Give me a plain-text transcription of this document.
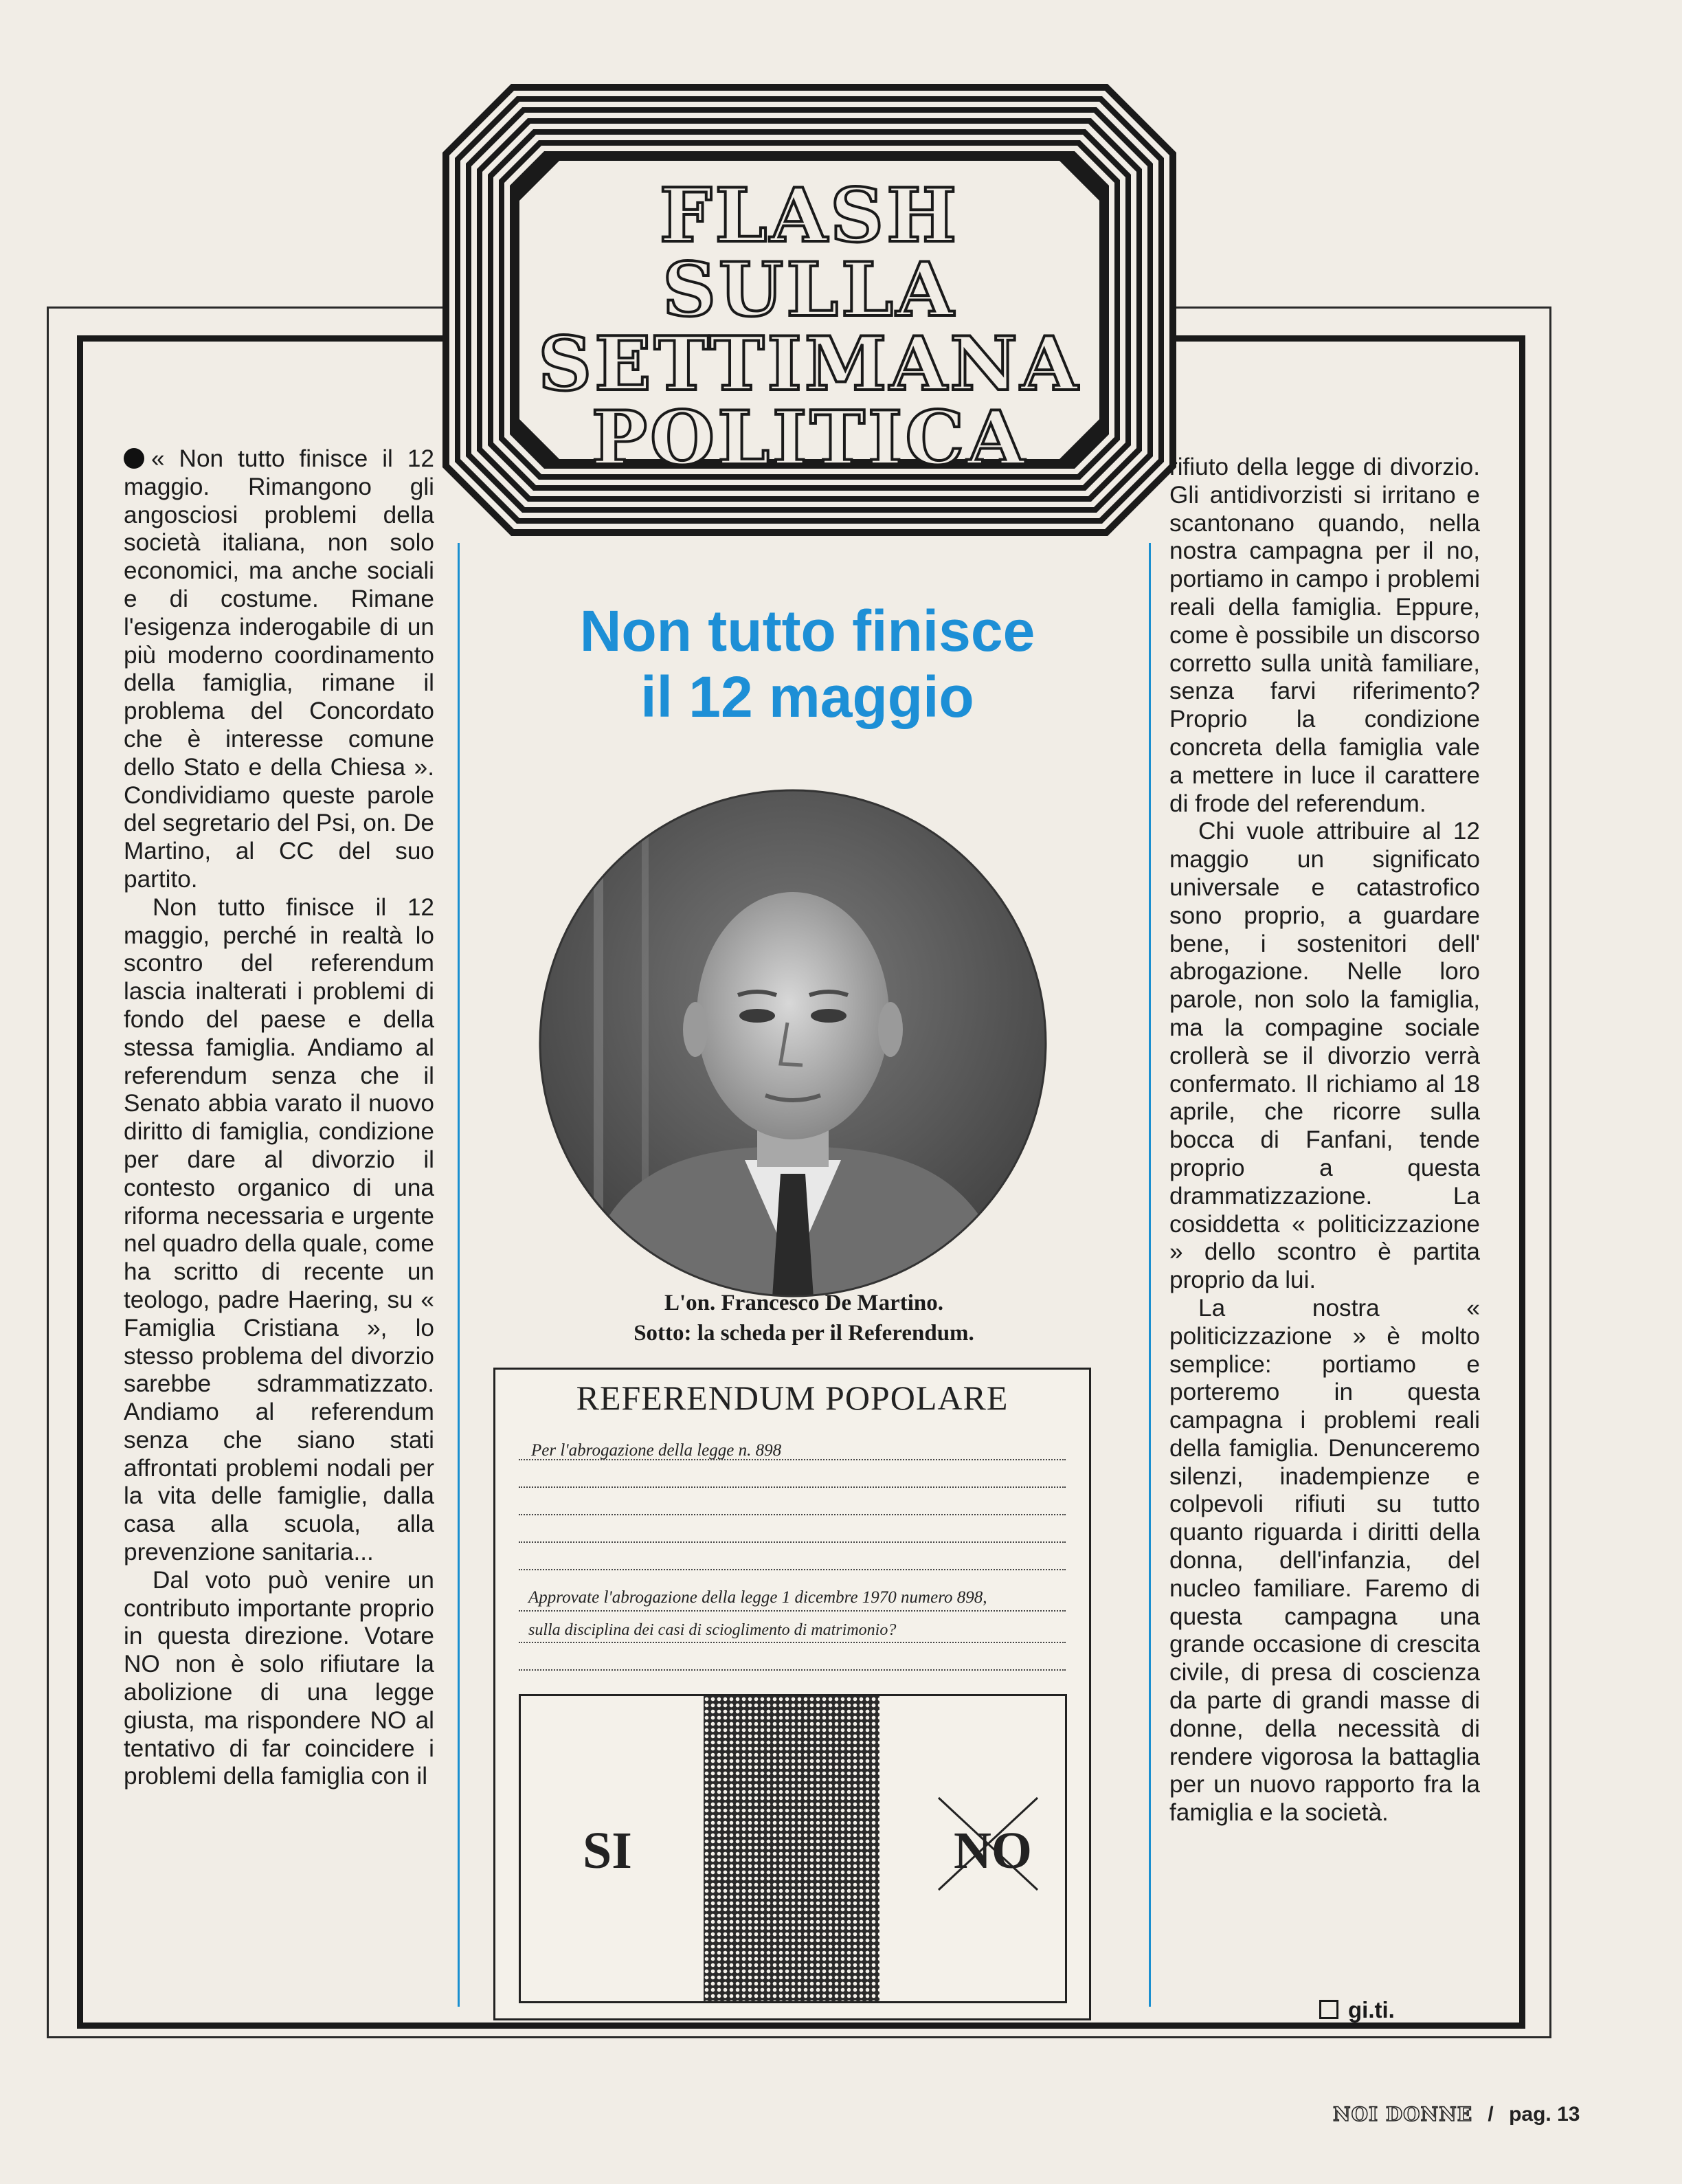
FLASH
SULLA
SETTIMANA
POLITICA

« Non tutto finisce il 12 maggio. Rimangono gli angosciosi problemi della società italiana, non solo economici, ma anche sociali e di costume. Rimane l'esigenza inderogabile di un più moderno coordinamento della famiglia, rimane il problema del Concordato che è interesse comune dello Stato e della Chiesa ». Condividiamo queste parole del segretario del Psi, on. De Martino, al CC del suo partito.

Non tutto finisce il 12 maggio, perché in realtà lo scontro del referendum lascia inalterati i problemi di fondo del paese e della stessa famiglia. Andiamo al referendum senza che il Senato abbia varato il nuovo diritto di famiglia, condizione per dare al divorzio il contesto organico di una riforma necessaria e urgente nel quadro della quale, come ha scritto di recente un teologo, padre Haering, su « Famiglia Cristiana », lo stesso problema del divorzio sarebbe sdrammatizzato. Andiamo al referendum senza che siano stati affrontati problemi nodali per la vita delle famiglie, dalla casa alla scuola, alla prevenzione sanitaria...

Dal voto può venire un contributo importante proprio in questa direzione. Votare NO non è solo rifiutare la abolizione di una legge giusta, ma rispondere NO al tentativo di far coincidere i problemi della famiglia con il

Non tutto finisce
il 12 maggio
L'on. Francesco De Martino.
Sotto: la scheda per il Referendum.
REFERENDUM POPOLARE
Per l'abrogazione della legge n. 898
Approvate l'abrogazione della legge 1 dicembre 1970 numero 898,
sulla disciplina dei casi di scioglimento di matrimonio?
SI	NO

rifiuto della legge di divorzio. Gli antidivorzisti si irritano e scantonano quando, nella nostra campagna per il no, portiamo in campo i problemi reali della famiglia. Eppure, come è possibile un discorso corretto sulla unità familiare, senza farvi riferimento? Proprio la condizione concreta della famiglia vale a mettere in luce il carattere di frode del referendum.

Chi vuole attribuire al 12 maggio un significato universale e catastrofico sono proprio, a guardare bene, i sostenitori dell' abrogazione. Nelle loro parole, non solo la famiglia, ma la compagine sociale crollerà se il divorzio verrà confermato. Il richiamo al 18 aprile, che ricorre sulla bocca di Fanfani, tende proprio a questa drammatizzazione. La cosiddetta « politicizzazione » dello scontro è partita proprio da lui.

La nostra « politicizzazione » è molto semplice: portiamo e porteremo in questa campagna i problemi reali della famiglia. Denunceremo silenzi, inadempienze e colpevoli rifiuti su tutto quanto riguarda i diritti della donna, dell'infanzia, del nucleo familiare. Faremo di questa campagna una grande occasione di crescita civile, di presa di coscienza da parte di grandi masse di donne, della necessità di rendere vigorosa la battaglia per un nuovo rapporto fra la famiglia e la società.

gi.ti.
NOI DONNE / pag. 13
